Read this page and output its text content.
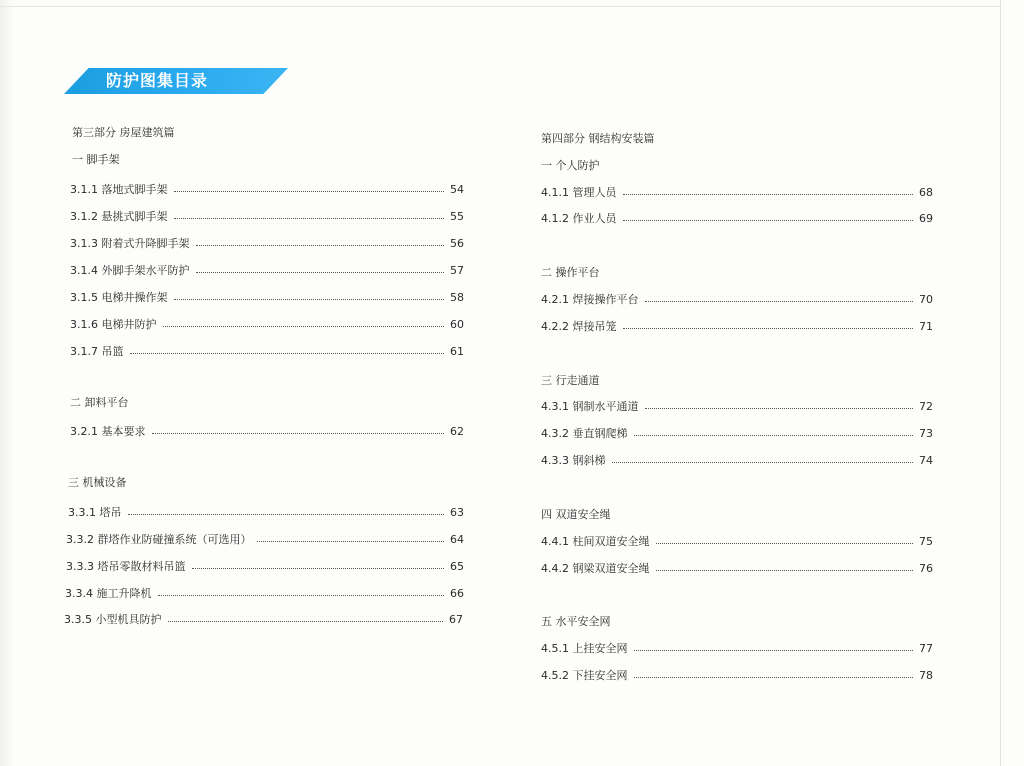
防护图集目录
第三部分 房屋建筑篇
一 脚手架
3.1.1 落地式脚手架	54
3.1.2 悬挑式脚手架	55
3.1.3 附着式升降脚手架	56
3.1.4 外脚手架水平防护	57
3.1.5 电梯井操作架	58
3.1.6 电梯井防护	60
3.1.7 吊篮	61
二 卸料平台
3.2.1 基本要求	62
三 机械设备
3.3.1 塔吊	63
3.3.2 群塔作业防碰撞系统（可选用）	64
3.3.3 塔吊零散材料吊篮	65
3.3.4 施工升降机	66
3.3.5 小型机具防护	67
第四部分 钢结构安装篇
一 个人防护
4.1.1 管理人员	68
4.1.2 作业人员	69
二 操作平台
4.2.1 焊接操作平台	70
4.2.2 焊接吊笼	71
三 行走通道
4.3.1 钢制水平通道	72
4.3.2 垂直钢爬梯	73
4.3.3 钢斜梯	74
四 双道安全绳
4.4.1 柱间双道安全绳	75
4.4.2 钢梁双道安全绳	76
五 水平安全网
4.5.1 上挂安全网	77
4.5.2 下挂安全网	78
